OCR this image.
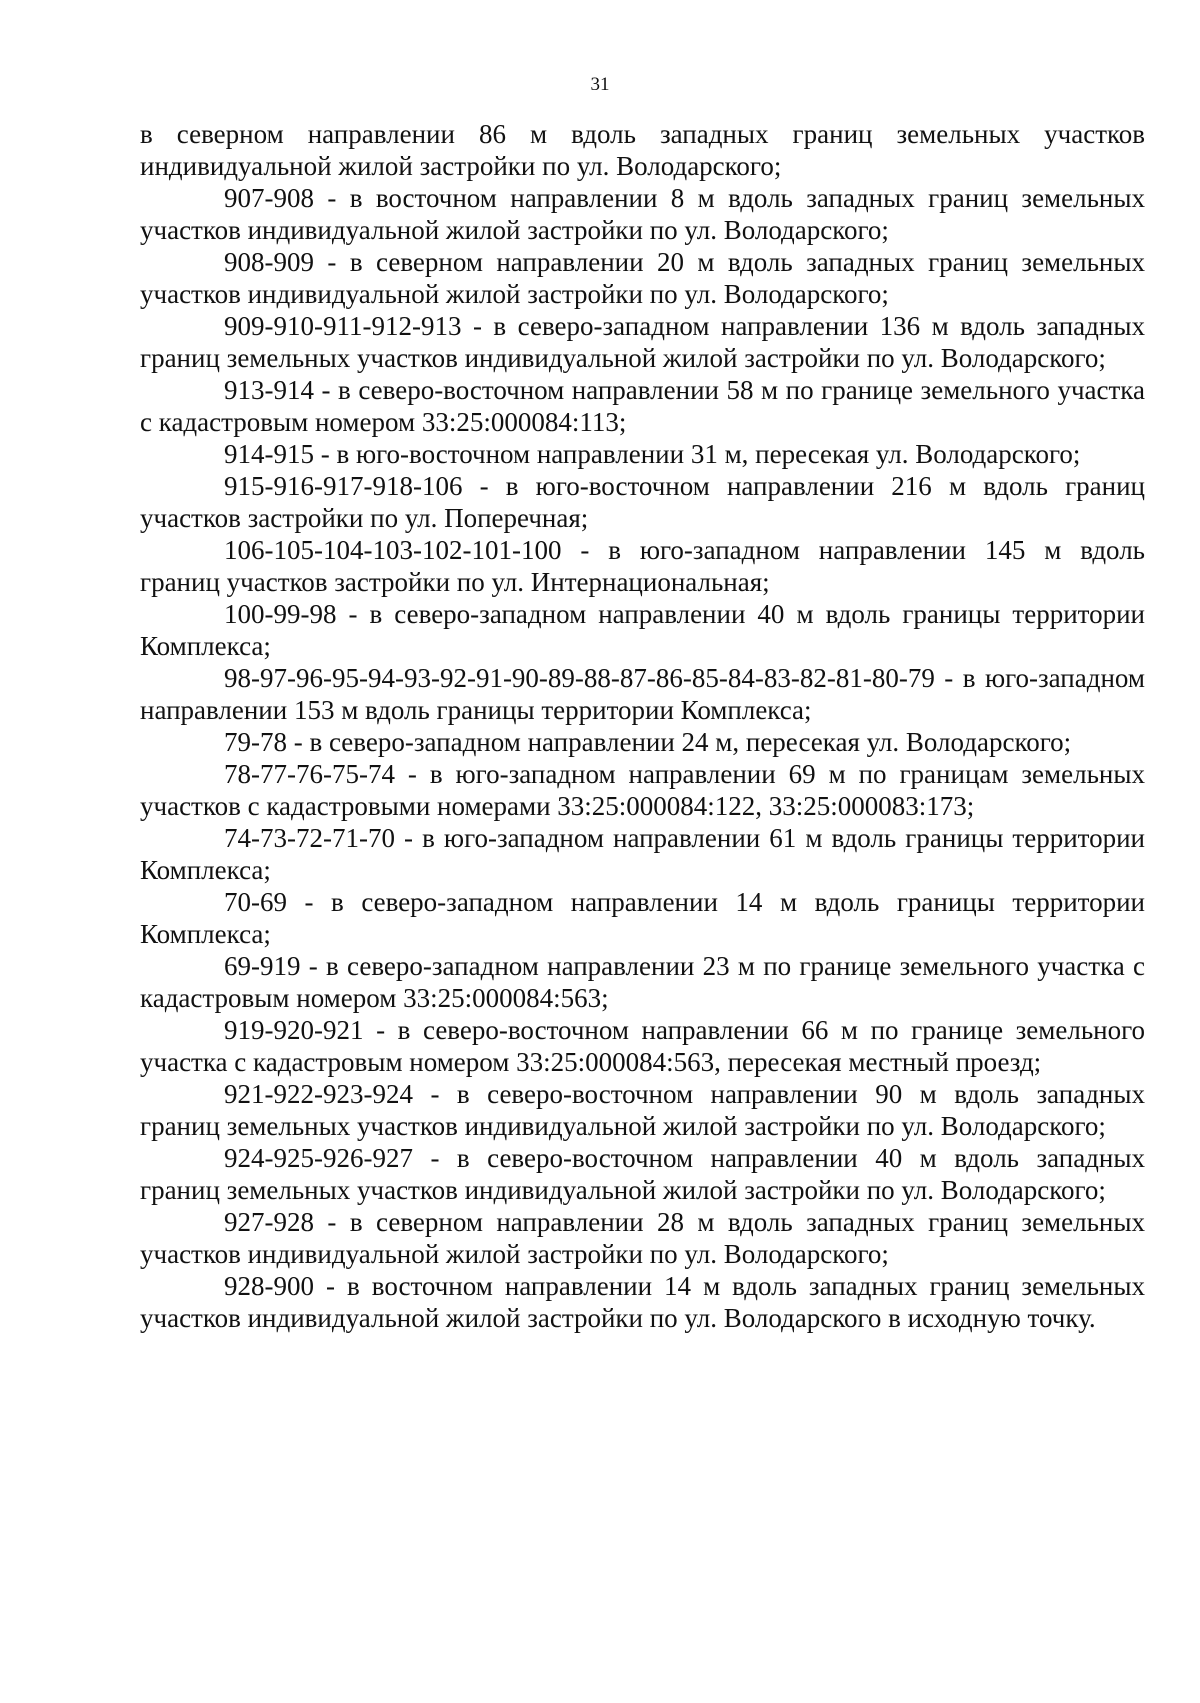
31

в северном направлении 86 м вдоль западных границ земельных участков индивидуальной жилой застройки по ул. Володарского;

907-908 - в восточном направлении 8 м вдоль западных границ земельных участков индивидуальной жилой застройки по ул. Володарского;

908-909 - в северном направлении 20 м вдоль западных границ земельных участков индивидуальной жилой застройки по ул. Володарского;

909-910-911-912-913 - в северо-западном направлении 136 м вдоль западных границ земельных участков индивидуальной жилой застройки по ул. Володарского;

913-914 - в северо-восточном направлении 58 м по границе земельного участка с кадастровым номером 33:25:000084:113;

914-915 - в юго-восточном направлении 31 м, пересекая ул. Володарского;

915-916-917-918-106 - в юго-восточном направлении 216 м вдоль границ участков застройки по ул. Поперечная;

106-105-104-103-102-101-100 - в юго-западном направлении 145 м вдоль границ участков застройки по ул. Интернациональная;

100-99-98 - в северо-западном направлении 40 м вдоль границы территории Комплекса;

98-97-96-95-94-93-92-91-90-89-88-87-86-85-84-83-82-81-80-79 - в юго-западном направлении 153 м вдоль границы территории Комплекса;

79-78 - в северо-западном направлении 24 м, пересекая ул. Володарского;

78-77-76-75-74 - в юго-западном направлении 69 м по границам земельных участков с кадастровыми номерами 33:25:000084:122, 33:25:000083:173;

74-73-72-71-70 - в юго-западном направлении 61 м вдоль границы территории Комплекса;

70-69 - в северо-западном направлении 14 м вдоль границы территории Комплекса;

69-919 - в северо-западном направлении 23 м по границе земельного участка с кадастровым номером 33:25:000084:563;

919-920-921 - в северо-восточном направлении 66 м по границе земельного участка с кадастровым номером 33:25:000084:563, пересекая местный проезд;

921-922-923-924 - в северо-восточном направлении 90 м вдоль западных границ земельных участков индивидуальной жилой застройки по ул. Володарского;

924-925-926-927 - в северо-восточном направлении 40 м вдоль западных границ земельных участков индивидуальной жилой застройки по ул. Володарского;

927-928 - в северном направлении 28 м вдоль западных границ земельных участков индивидуальной жилой застройки по ул. Володарского;

928-900 - в восточном направлении 14 м вдоль западных границ земельных участков индивидуальной жилой застройки по ул. Володарского в исходную точку.
